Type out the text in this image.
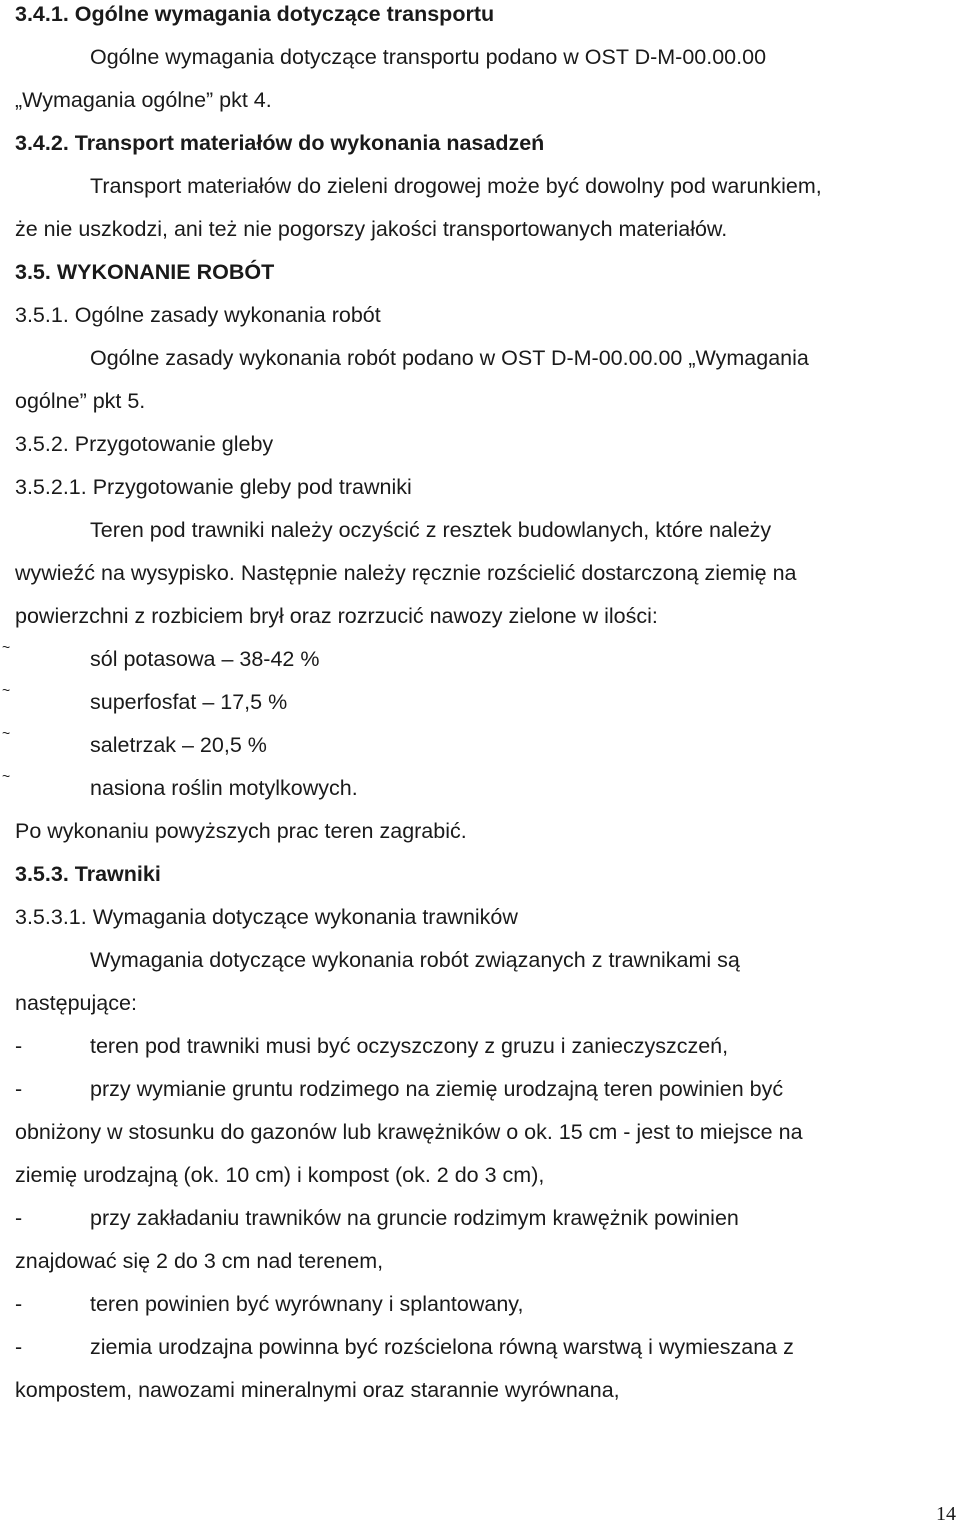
3.4.1. Ogólne wymagania dotyczące transportu
Ogólne wymagania dotyczące transportu podano w OST D-M-00.00.00
„Wymagania ogólne” pkt 4.
3.4.2. Transport materiałów do wykonania nasadzeń
Transport materiałów do zieleni drogowej może być dowolny pod warunkiem,
że nie uszkodzi, ani też nie pogorszy jakości transportowanych materiałów.
3.5. WYKONANIE ROBÓT
3.5.1. Ogólne zasady wykonania robót
Ogólne zasady wykonania robót podano w OST D-M-00.00.00 „Wymagania
ogólne” pkt 5.
3.5.2. Przygotowanie gleby
3.5.2.1. Przygotowanie gleby pod trawniki
Teren pod trawniki należy oczyścić z resztek budowlanych, które należy
wywieźć na wysypisko. Następnie należy ręcznie rozścielić dostarczoną ziemię na
powierzchni z rozbiciem brył oraz rozrzucić nawozy zielone w ilości:
~	sól potasowa – 38-42 %
~	superfosfat – 17,5 %
~	saletrzak – 20,5 %
~	nasiona roślin motylkowych.
Po wykonaniu powyższych prac teren zagrabić.
3.5.3. Trawniki
3.5.3.1. Wymagania dotyczące wykonania trawników
Wymagania dotyczące wykonania robót związanych z trawnikami są
następujące:
-	teren pod trawniki musi być oczyszczony z gruzu i zanieczyszczeń,
-	przy wymianie gruntu rodzimego na ziemię urodzajną teren powinien być
obniżony w stosunku do gazonów lub krawężników o ok. 15 cm - jest to miejsce na
ziemię urodzajną (ok. 10 cm) i kompost (ok. 2 do 3 cm),
-	przy zakładaniu trawników na gruncie rodzimym krawężnik powinien
znajdować się 2 do 3 cm nad terenem,
-	teren powinien być wyrównany i splantowany,
-	ziemia urodzajna powinna być rozścielona równą warstwą i wymieszana z
kompostem, nawozami mineralnymi oraz starannie wyrównana,
14
